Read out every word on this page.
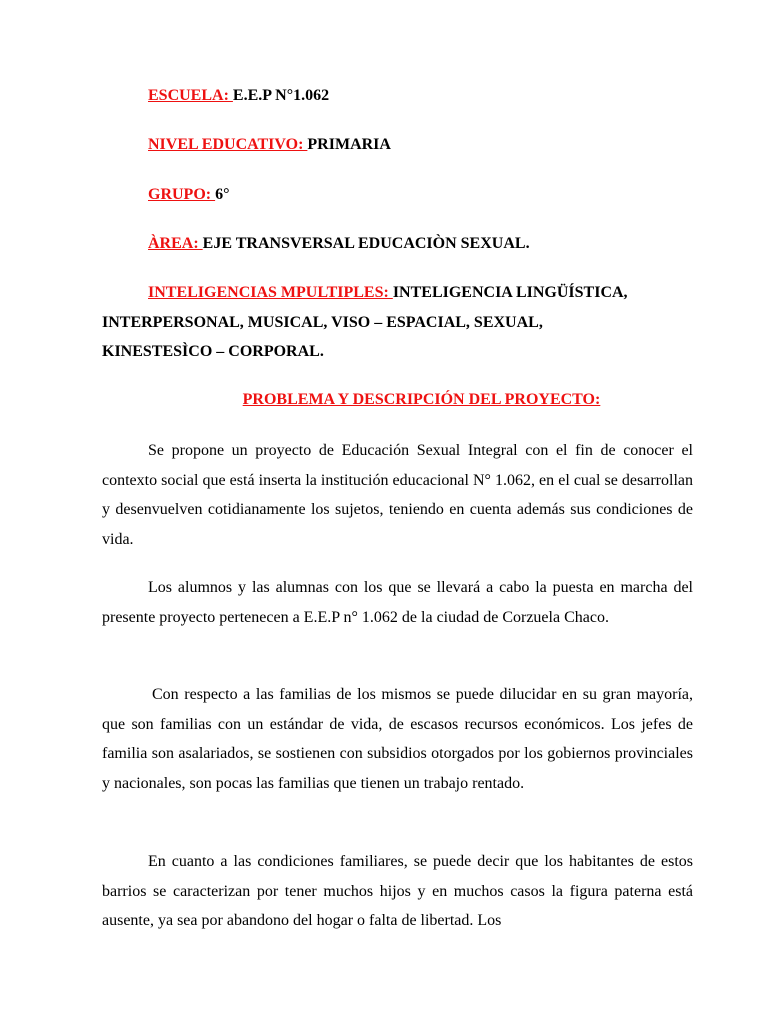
ESCUELA: E.E.P N°1.062
NIVEL EDUCATIVO: PRIMARIA
GRUPO: 6°
ÀREA: EJE TRANSVERSAL EDUCACIÒN SEXUAL.
INTELIGENCIAS MPULTIPLES: INTELIGENCIA LINGÜÍSTICA,
INTERPERSONAL, MUSICAL, VISO – ESPACIAL, SEXUAL,
KINESTESÌCO – CORPORAL.
PROBLEMA Y DESCRIPCIÓN DEL PROYECTO:

Se propone un proyecto de Educación Sexual Integral con el fin de conocer el contexto social que está inserta la institución educacional N° 1.062, en el cual se desarrollan y desenvuelven cotidianamente los sujetos, teniendo en cuenta además sus condiciones de vida.

Los alumnos y las alumnas con los que se llevará a cabo la puesta en marcha del presente proyecto pertenecen a E.E.P n° 1.062 de la ciudad de Corzuela Chaco.

Con respecto a las familias de los mismos se puede dilucidar en su gran mayoría, que son familias con un estándar de vida, de escasos recursos económicos. Los jefes de familia son asalariados, se sostienen con subsidios otorgados por los gobiernos provinciales y nacionales, son pocas las familias que tienen un trabajo rentado.

En cuanto a las condiciones familiares, se puede decir que los habitantes de estos barrios se caracterizan por tener muchos hijos y en muchos casos la figura paterna está ausente, ya sea por abandono del hogar o falta de libertad. Los
